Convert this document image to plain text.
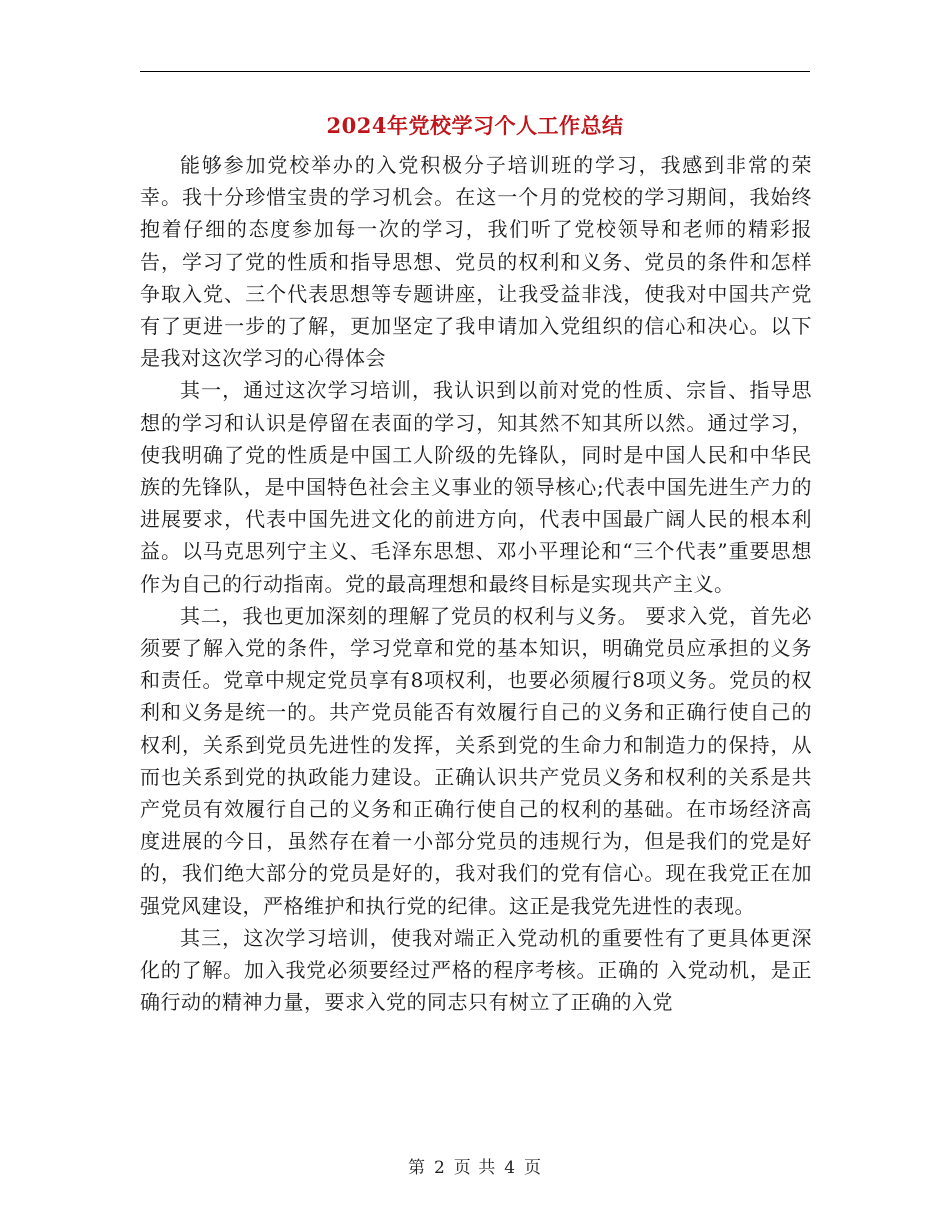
2024年党校学习个人工作总结

能够参加党校举办的入党积极分子培训班的学习，我感到非常的荣幸。我十分珍惜宝贵的学习机会。在这一个月的党校的学习期间，我始终抱着仔细的态度参加每一次的学习，我们听了党校领导和老师的精彩报告，学习了党的性质和指导思想、党员的权利和义务、党员的条件和怎样争取入党、三个代表思想等专题讲座，让我受益非浅，使我对中国共产党有了更进一步的了解，更加坚定了我申请加入党组织的信心和决心。以下是我对这次学习的心得体会

其一，通过这次学习培训，我认识到以前对党的性质、宗旨、指导思想的学习和认识是停留在表面的学习，知其然不知其所以然。通过学习，使我明确了党的性质是中国工人阶级的先锋队，同时是中国人民和中华民族的先锋队，是中国特色社会主义事业的领导核心;代表中国先进生产力的进展要求，代表中国先进文化的前进方向，代表中国最广阔人民的根本利益。以马克思列宁主义、毛泽东思想、邓小平理论和“三个代表”重要思想作为自己的行动指南。党的最高理想和最终目标是实现共产主义。

其二，我也更加深刻的理解了党员的权利与义务。 要求入党，首先必须要了解入党的条件，学习党章和党的基本知识，明确党员应承担的义务和责任。党章中规定党员享有8项权利，也要必须履行8项义务。党员的权利和义务是统一的。共产党员能否有效履行自己的义务和正确行使自己的权利，关系到党员先进性的发挥，关系到党的生命力和制造力的保持，从而也关系到党的执政能力建设。正确认识共产党员义务和权利的关系是共产党员有效履行自己的义务和正确行使自己的权利的基础。在市场经济高度进展的今日，虽然存在着一小部分党员的违规行为，但是我们的党是好的，我们绝大部分的党员是好的，我对我们的党有信心。现在我党正在加强党风建设，严格维护和执行党的纪律。这正是我党先进性的表现。

其三，这次学习培训，使我对端正入党动机的重要性有了更具体更深化的了解。加入我党必须要经过严格的程序考核。正确的 入党动机，是正确行动的精神力量，要求入党的同志只有树立了正确的入党

第 2 页 共 4 页
